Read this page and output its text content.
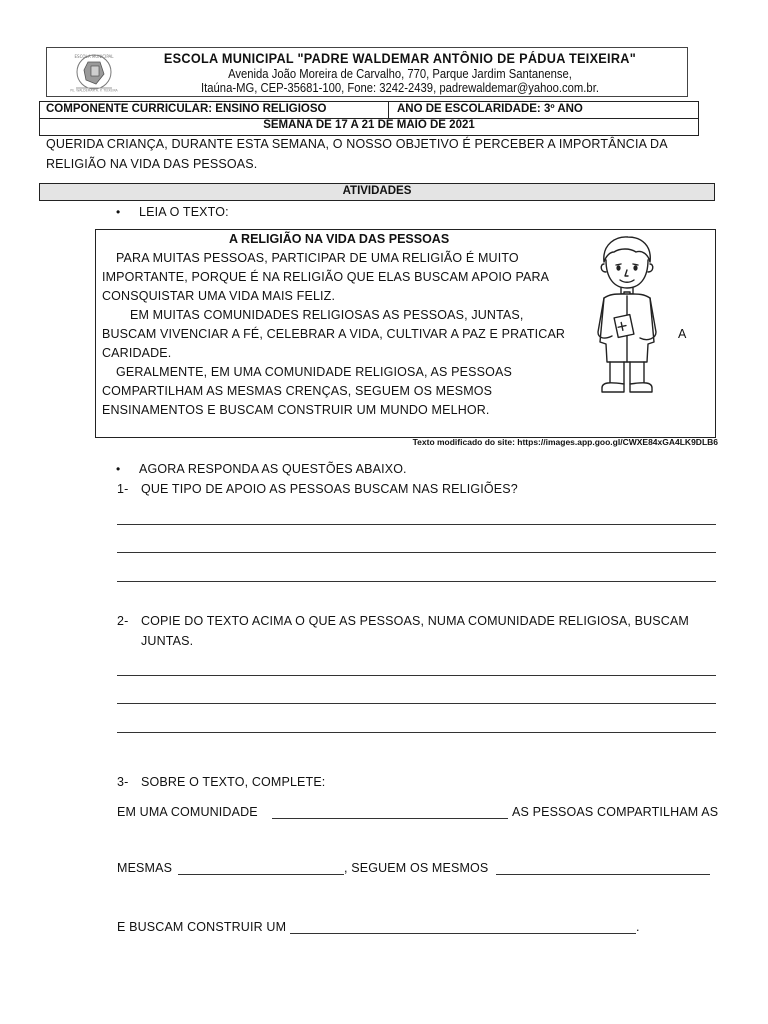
ESCOLA MUNICIPAL
PE. WALDEMAR A. P. TEIXEIRA
ESCOLA MUNICIPAL "PADRE WALDEMAR ANTÔNIO DE PÁDUA TEIXEIRA"
Avenida João Moreira de Carvalho, 770, Parque Jardim Santanense,
Itaúna-MG, CEP-35681-100, Fone: 3242-2439, padrewaldemar@yahoo.com.br.
COMPONENTE CURRICULAR: ENSINO RELIGIOSO	ANO DE ESCOLARIDADE: 3º ANO
SEMANA DE 17 A 21 DE MAIO DE 2021
QUERIDA CRIANÇA, DURANTE ESTA SEMANA, O NOSSO OBJETIVO É PERCEBER A IMPORTÂNCIA DA
RELIGIÃO NA VIDA DAS PESSOAS.
ATIVIDADES
• LEIA O TEXTO:
A RELIGIÃO NA VIDA DAS PESSOAS
PARA MUITAS PESSOAS, PARTICIPAR DE UMA RELIGIÃO É MUITO
IMPORTANTE, PORQUE É NA RELIGIÃO QUE ELAS BUSCAM APOIO PARA
CONSQUISTAR UMA VIDA MAIS FELIZ.
EM MUITAS COMUNIDADES RELIGIOSAS AS PESSOAS, JUNTAS,
BUSCAM VIVENCIAR A FÉ, CELEBRAR A VIDA, CULTIVAR A PAZ E PRATICAR	A
CARIDADE.
GERALMENTE, EM UMA COMUNIDADE RELIGIOSA, AS PESSOAS
COMPARTILHAM AS MESMAS CRENÇAS, SEGUEM OS MESMOS
ENSINAMENTOS E BUSCAM CONSTRUIR UM MUNDO MELHOR.
Texto modificado do site: https://images.app.goo.gl/CWXE84xGA4LK9DLB6
• AGORA RESPONDA AS QUESTÕES ABAIXO.
1- QUE TIPO DE APOIO AS PESSOAS BUSCAM NAS RELIGIÕES?
2- COPIE DO TEXTO ACIMA O QUE AS PESSOAS, NUMA COMUNIDADE RELIGIOSA, BUSCAM
JUNTAS.
3- SOBRE O TEXTO, COMPLETE:
EM UMA COMUNIDADE	AS PESSOAS COMPARTILHAM AS
MESMAS	, SEGUEM OS MESMOS
E BUSCAM CONSTRUIR UM	.
